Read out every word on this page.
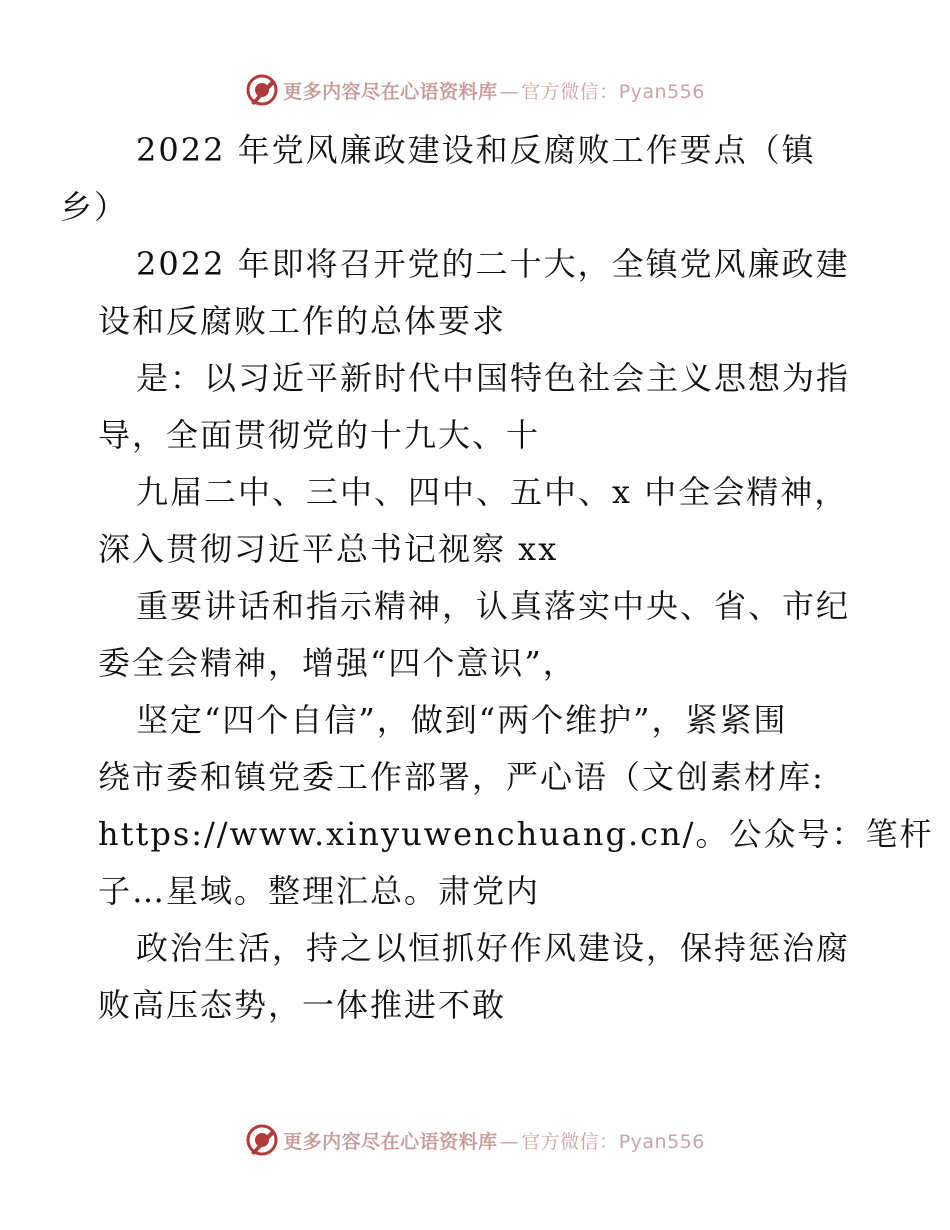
更多内容尽在心语资料库 — 官方微信：Pyan556

2022 年党风廉政建设和反腐败工作要点（镇
乡）

2022 年即将召开党的二十大，全镇党风廉政建
设和反腐败工作的总体要求

是：以习近平新时代中国特色社会主义思想为指
导，全面贯彻党的十九大、十

九届二中、三中、四中、五中、x 中全会精神，
深入贯彻习近平总书记视察 xx

重要讲话和指示精神，认真落实中央、省、市纪
委全会精神，增强“四个意识”，

坚定“四个自信”，做到“两个维护”，紧紧围
绕市委和镇党委工作部署，严心语（文创素材库:
https://www.xinyuwenchuang.cn/。公众号：笔杆
子…星域。整理汇总。肃党内

政治生活，持之以恒抓好作风建设，保持惩治腐
败高压态势，一体推进不敢

更多内容尽在心语资料库 — 官方微信：Pyan556
